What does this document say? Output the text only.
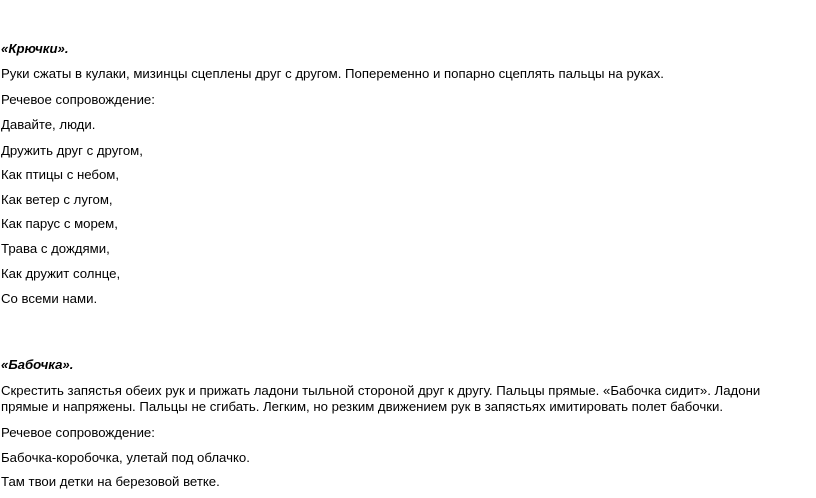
«Крючки».
Руки сжаты в кулаки, мизинцы сцеплены друг с другом. Попеременно и попарно сцеплять пальцы на руках.
Речевое сопровождение:
Давайте, люди.
Дружить друг с другом,
Как птицы с небом,
Как ветер с лугом,
Как парус с морем,
Трава с дождями,
Как дружит солнце,
Со всеми нами.
«Бабочка».
Скрестить запястья обеих рук и прижать ладони тыльной стороной друг к другу. Пальцы прямые. «Бабочка сидит». Ладони
прямые и напряжены. Пальцы не сгибать. Легким, но резким движением рук в запястьях имитировать полет бабочки.
Речевое сопровождение:
Бабочка-коробочка, улетай под облачко.
Там твои детки на березовой ветке.
